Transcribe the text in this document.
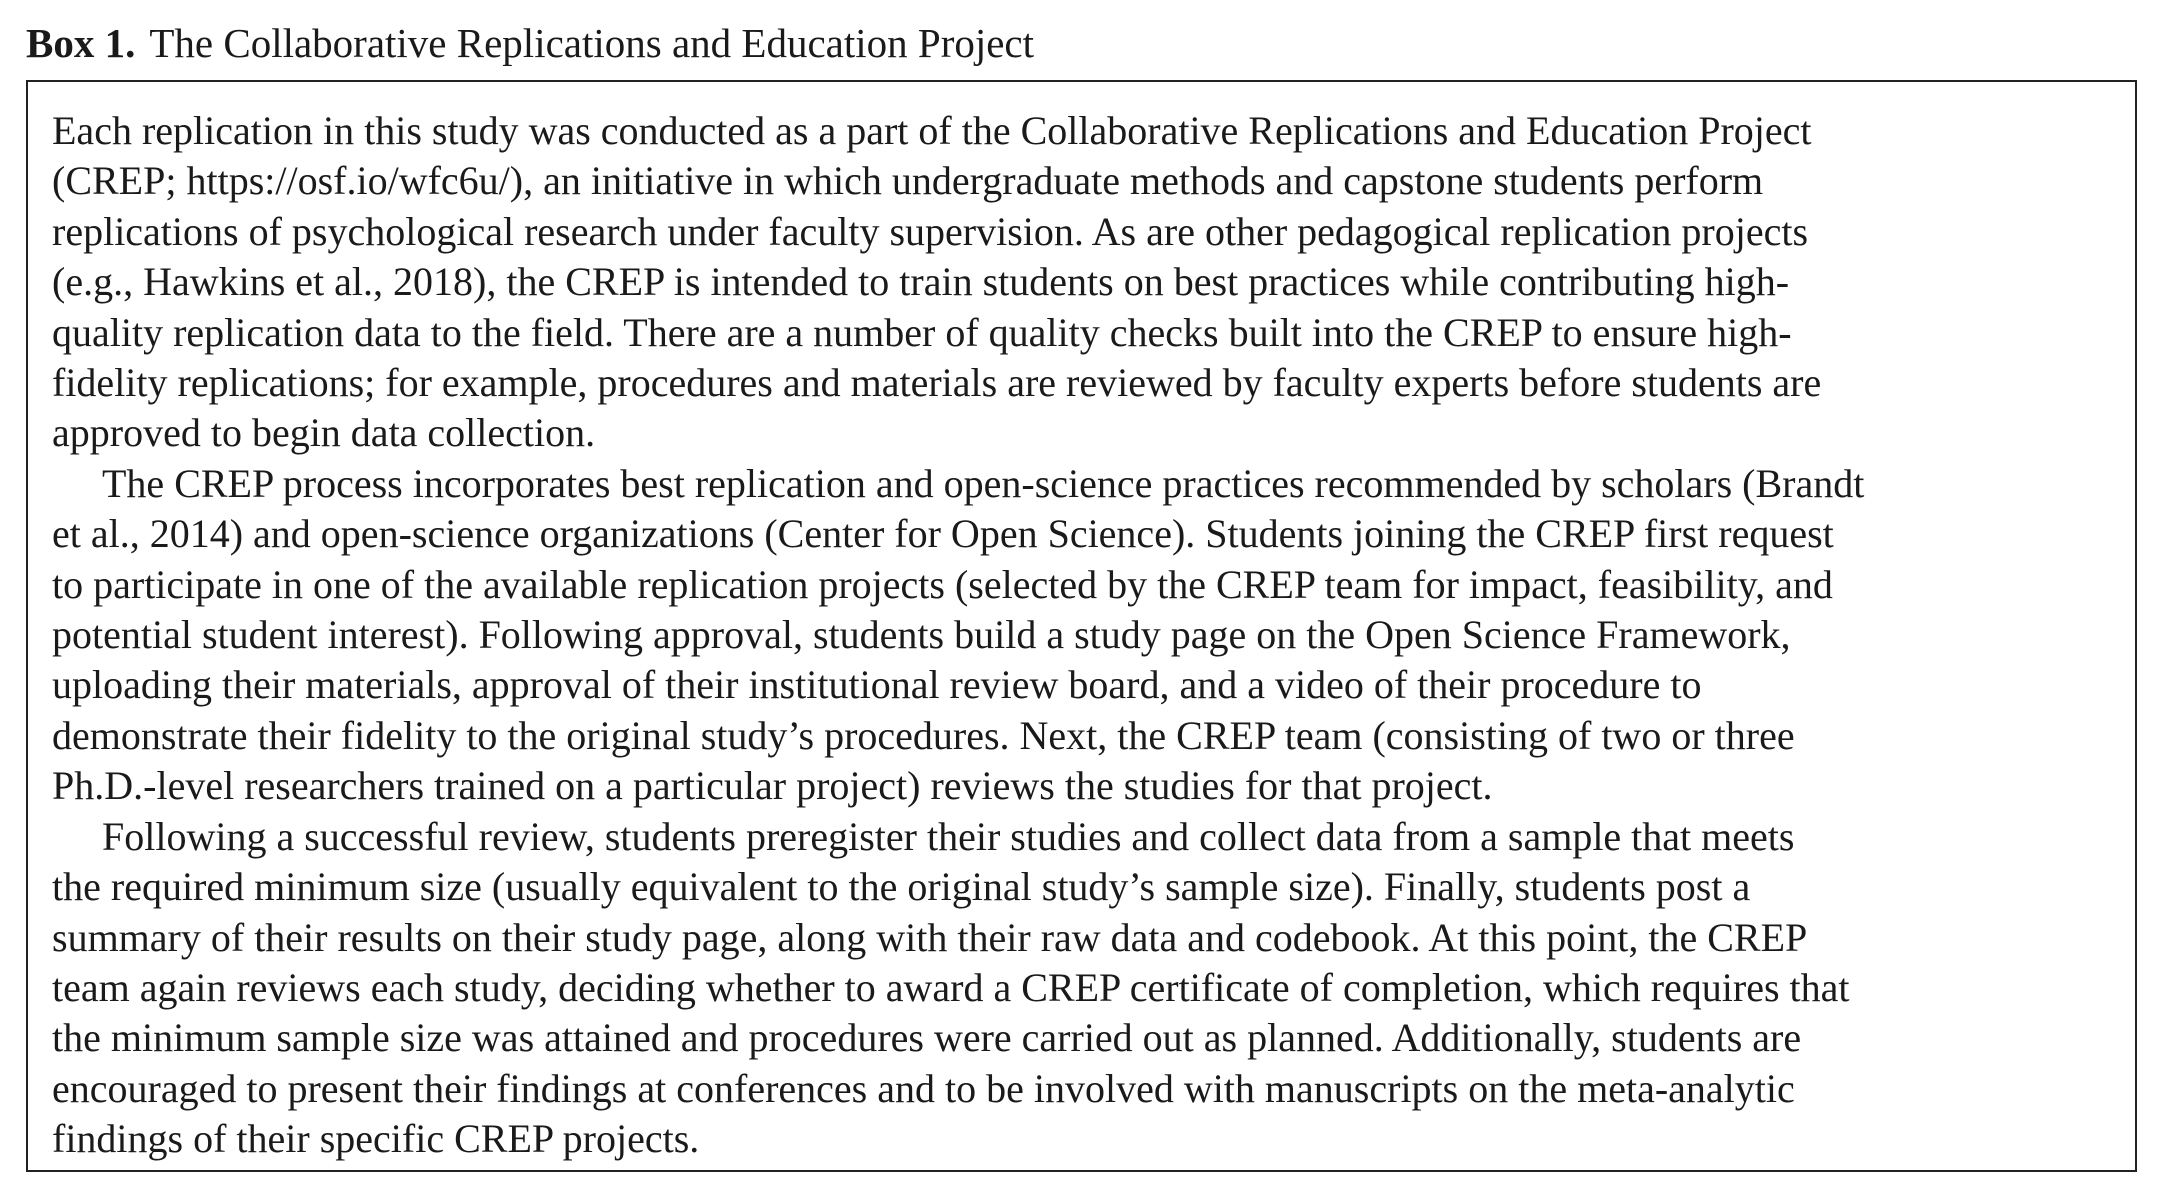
Box 1. The Collaborative Replications and Education Project
Each replication in this study was conducted as a part of the Collaborative Replications and Education Project
(CREP; https://osf.io/wfc6u/), an initiative in which undergraduate methods and capstone students perform
replications of psychological research under faculty supervision. As are other pedagogical replication projects
(e.g., Hawkins et al., 2018), the CREP is intended to train students on best practices while contributing high-
quality replication data to the field. There are a number of quality checks built into the CREP to ensure high-
fidelity replications; for example, procedures and materials are reviewed by faculty experts before students are
approved to begin data collection.
The CREP process incorporates best replication and open-science practices recommended by scholars (Brandt
et al., 2014) and open-science organizations (Center for Open Science). Students joining the CREP first request
to participate in one of the available replication projects (selected by the CREP team for impact, feasibility, and
potential student interest). Following approval, students build a study page on the Open Science Framework,
uploading their materials, approval of their institutional review board, and a video of their procedure to
demonstrate their fidelity to the original study’s procedures. Next, the CREP team (consisting of two or three
Ph.D.-level researchers trained on a particular project) reviews the studies for that project.
Following a successful review, students preregister their studies and collect data from a sample that meets
the required minimum size (usually equivalent to the original study’s sample size). Finally, students post a
summary of their results on their study page, along with their raw data and codebook. At this point, the CREP
team again reviews each study, deciding whether to award a CREP certificate of completion, which requires that
the minimum sample size was attained and procedures were carried out as planned. Additionally, students are
encouraged to present their findings at conferences and to be involved with manuscripts on the meta-analytic
findings of their specific CREP projects.
